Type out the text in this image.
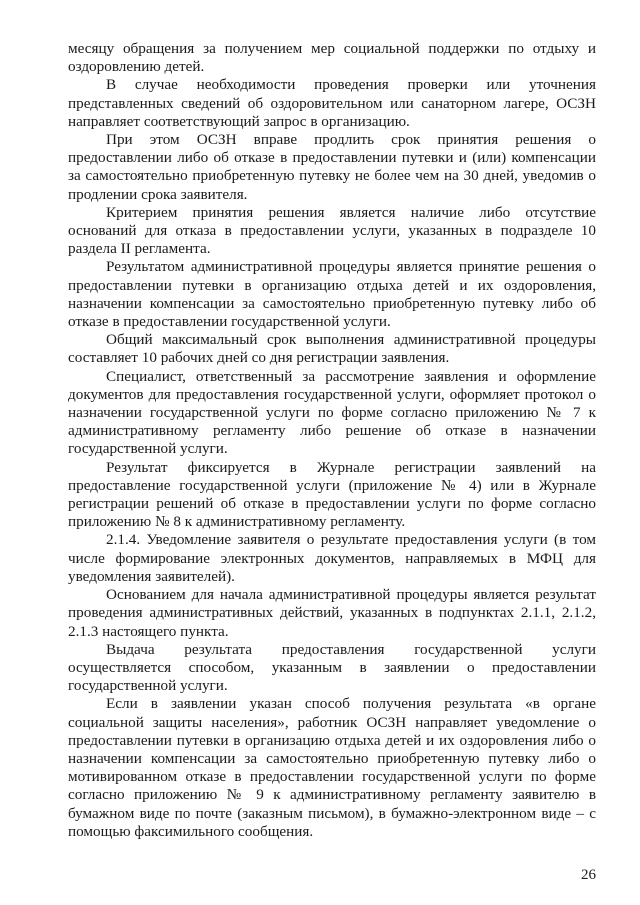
месяцу обращения за получением мер социальной поддержки по отдыху и оздоровлению детей.

В случае необходимости проведения проверки или уточнения представленных сведений об оздоровительном или санаторном лагере, ОСЗН направляет соответствующий запрос в организацию.

При этом ОСЗН вправе продлить срок принятия решения о предоставлении либо об отказе в предоставлении путевки и (или) компенсации за самостоятельно приобретенную путевку не более чем на 30 дней, уведомив о продлении срока заявителя.

Критерием принятия решения является наличие либо отсутствие оснований для отказа в предоставлении услуги, указанных в подразделе 10 раздела II регламента.

Результатом административной процедуры является принятие решения о предоставлении путевки в организацию отдыха детей и их оздоровления, назначении компенсации за самостоятельно приобретенную путевку либо об отказе в предоставлении государственной услуги.

Общий максимальный срок выполнения административной процедуры составляет 10 рабочих дней со дня регистрации заявления.

Специалист, ответственный за рассмотрение заявления и оформление документов для предоставления государственной услуги, оформляет протокол о назначении государственной услуги по форме согласно приложению № 7 к административному регламенту либо решение об отказе в назначении государственной услуги.

Результат фиксируется в Журнале регистрации заявлений на предоставление государственной услуги (приложение № 4) или в Журнале регистрации решений об отказе в предоставлении услуги по форме согласно приложению № 8 к административному регламенту.

2.1.4. Уведомление заявителя о результате предоставления услуги (в том числе формирование электронных документов, направляемых в МФЦ для уведомления заявителей).

Основанием для начала административной процедуры является результат проведения административных действий, указанных в подпунктах 2.1.1, 2.1.2, 2.1.3 настоящего пункта.

Выдача результата предоставления государственной услуги осуществляется способом, указанным в заявлении о предоставлении государственной услуги.

Если в заявлении указан способ получения результата «в органе социальной защиты населения», работник ОСЗН направляет уведомление о предоставлении путевки в организацию отдыха детей и их оздоровления либо о назначении компенсации за самостоятельно приобретенную путевку либо о мотивированном отказе в предоставлении государственной услуги по форме согласно приложению № 9 к административному регламенту заявителю в бумажном виде по почте (заказным письмом), в бумажно-электронном виде – с помощью факсимильного сообщения.

26
